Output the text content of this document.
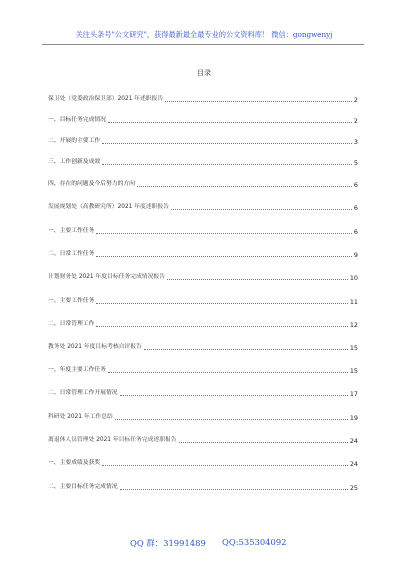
关注头条号"公文研究"，获得最新最全最专业的公文资料库！ 微信：gongwenyj
目录
保卫处（党委政治保卫部）2021 年述职报告	2
一、目标任务完成情况	2
二、开展的主要工作	3
三、工作创新及成效	5
四、存在的问题及今后努力的方向	6
发展规划处（高教研究所）2021 年度述职报告	6
一、主要工作任务	6
二、日常工作任务	9
计划财务处 2021 年度目标任务完成情况报告	10
一、主要工作任务	11
二、日常管理工作	12
教务处 2021 年度目标考核自评报告	15
一、年度主要工作任务	15
二、日常管理工作开展情况	17
科研处 2021 年工作总结	19
离退休人员管理处 2021 年目标任务完成述职报告	24
一、主要成绩及获奖	24
二、主要目标任务完成情况	25
QQ 群：31991489 QQ:535304092
